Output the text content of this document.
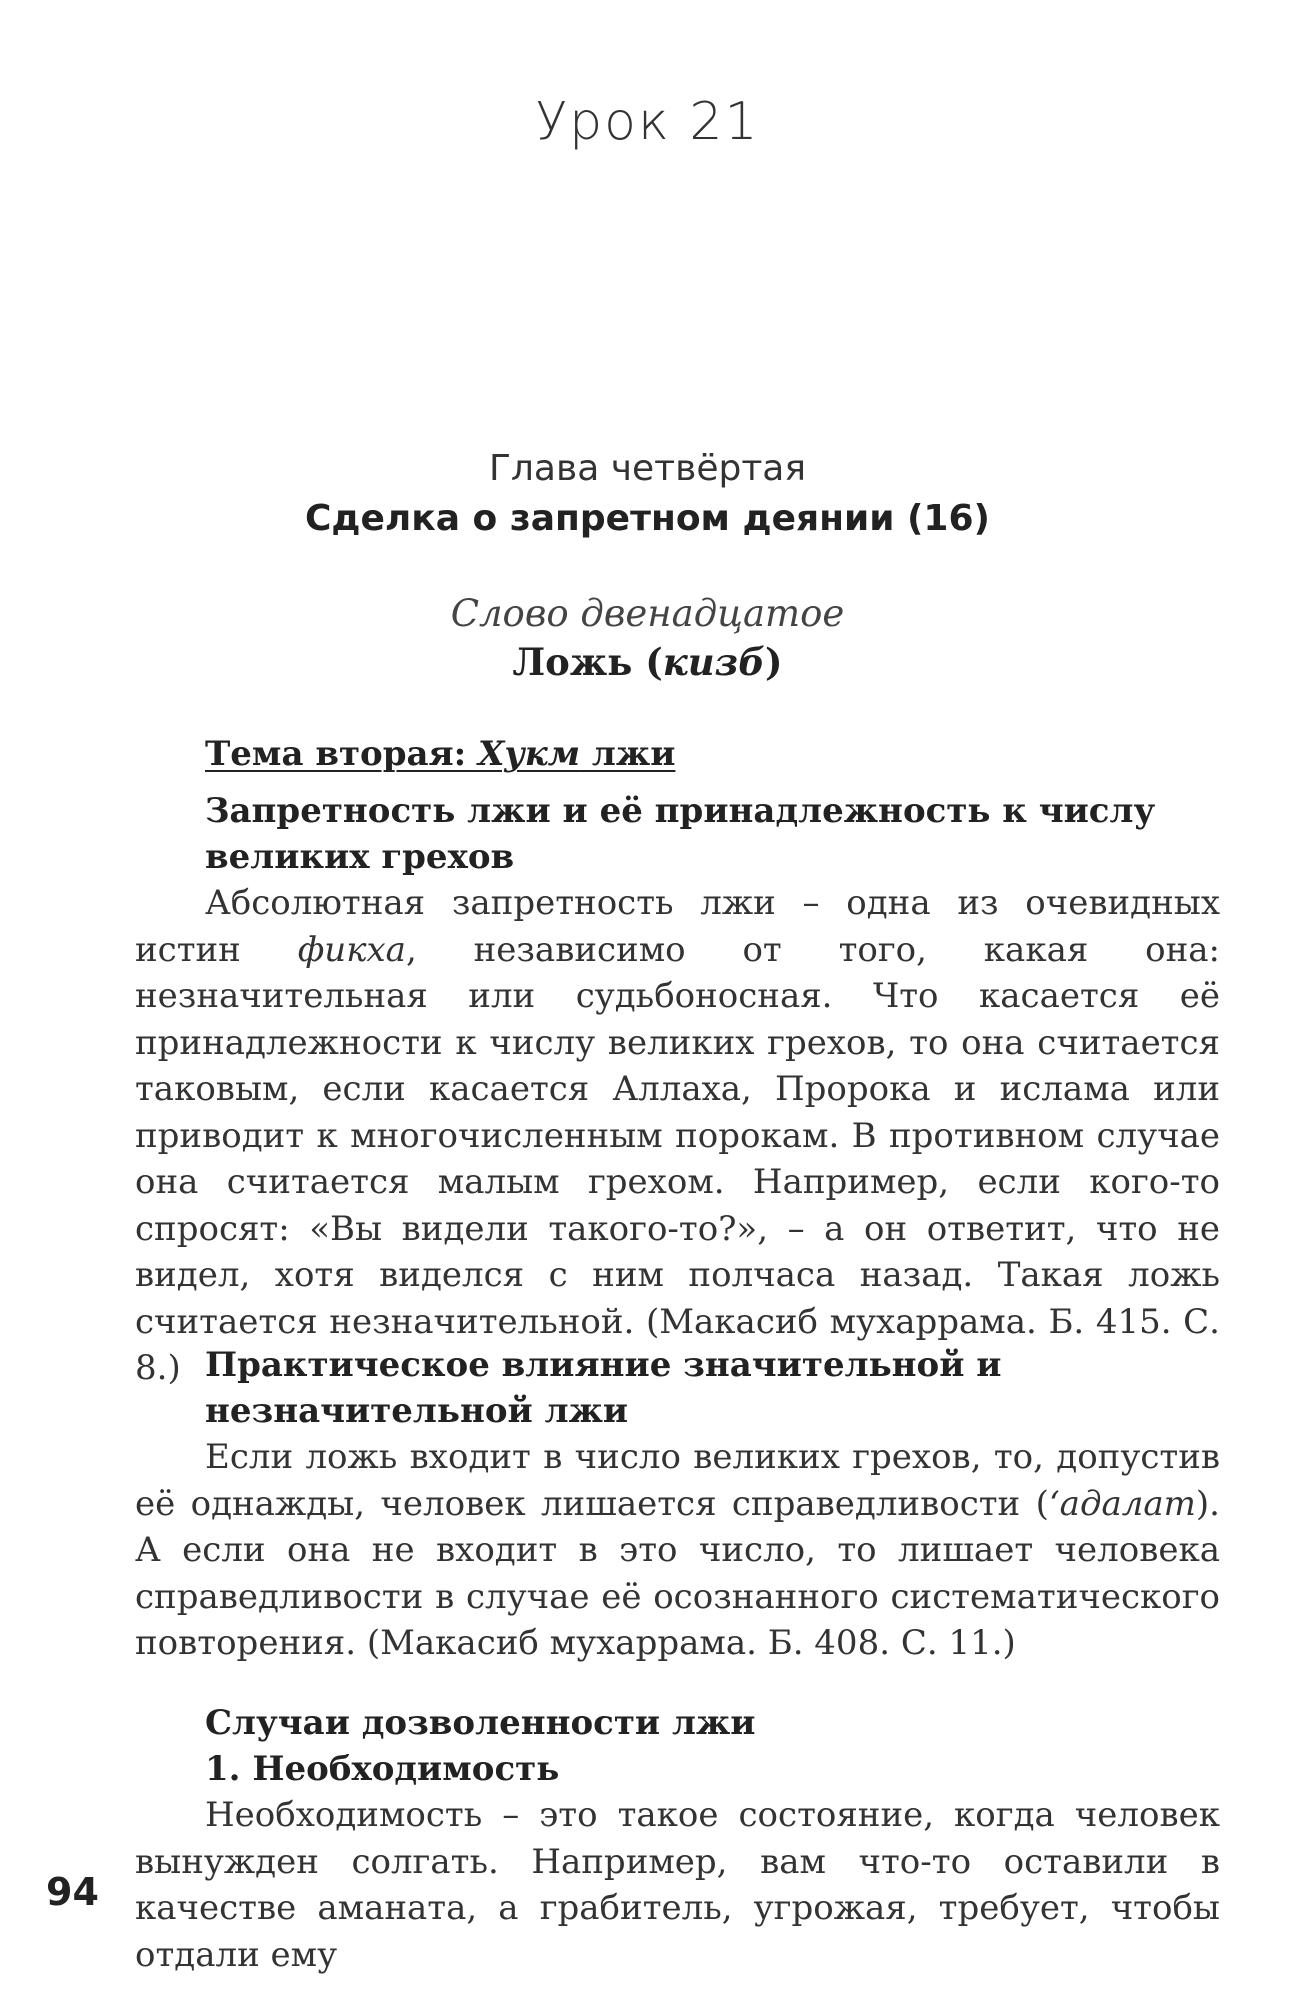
Урок 21
Глава четвёртая
Сделка о запретном деянии (16)
Слово двенадцатое
Ложь (кизб)
Тема вторая: Хукм лжи
Запретность лжи и её принадлежность к числу великих грехов
Абсолютная запретность лжи – одна из очевидных истин фикха, независимо от того, какая она: незначительная или судьбоносная. Что касается её принадлежности к числу великих грехов, то она считается таковым, если касается Аллаха, Пророка и ислама или приводит к многочисленным порокам. В противном случае она считается малым грехом. Например, если кого-то спросят: «Вы видели такого-то?», – а он ответит, что не видел, хотя виделся с ним полчаса назад. Такая ложь считается незначительной. (Макасиб мухаррама. Б. 415. С. 8.) Практическое влияние значительной и незначительной лжи
Если ложь входит в число великих грехов, то, допустив её однажды, человек лишается справедливости (ʻадалат). А если она не входит в это число, то лишает человека справедливости в случае её осознанного систематического повторения. (Макасиб мухаррама. Б. 408. С. 11.)
Случаи дозволенности лжи
1. Необходимость
Необходимость – это такое состояние, когда человек вынужден солгать. Например, вам что-то оставили в качестве аманата, а грабитель, угрожая, требует, чтобы отдали ему
94
